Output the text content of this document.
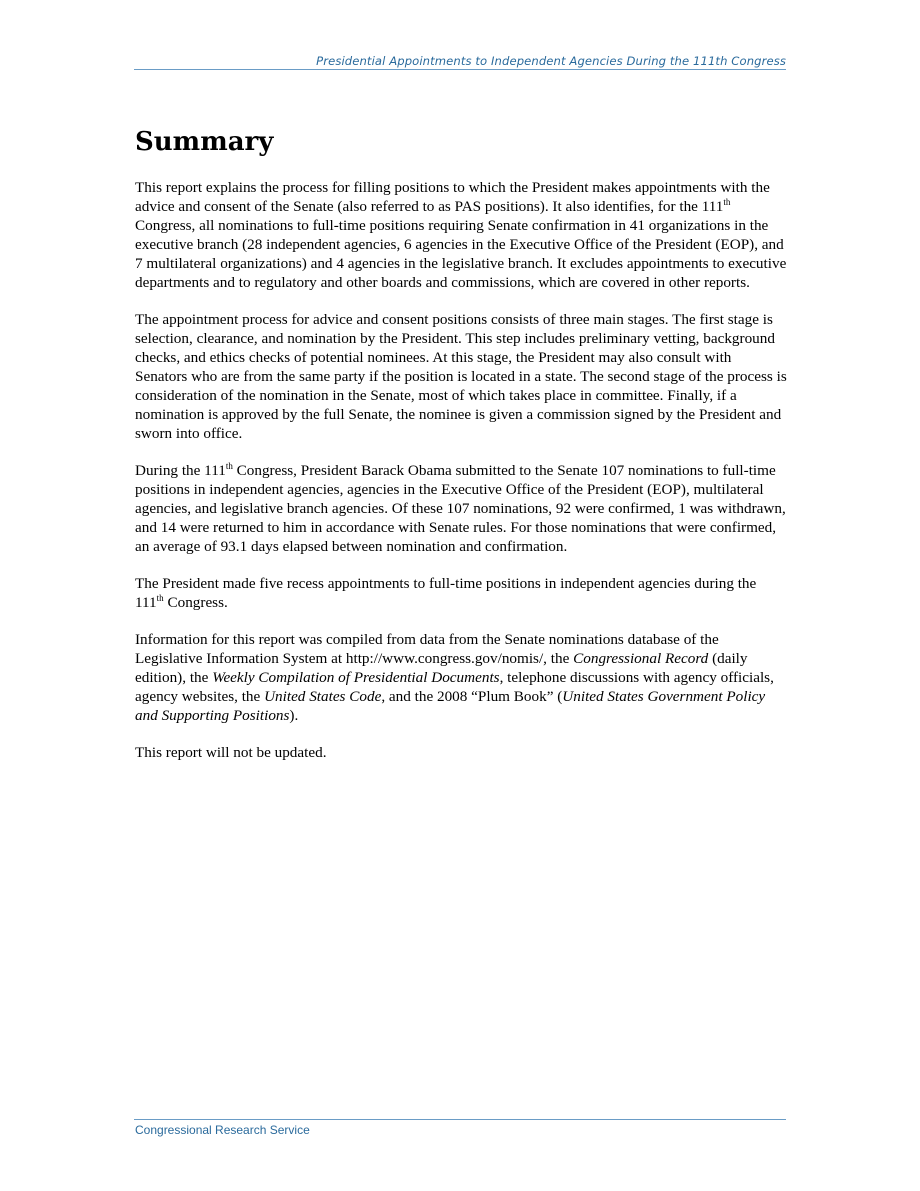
Presidential Appointments to Independent Agencies During the 111th Congress
Summary

This report explains the process for filling positions to which the President makes appointments with the advice and consent of the Senate (also referred to as PAS positions). It also identifies, for the 111th Congress, all nominations to full-time positions requiring Senate confirmation in 41 organizations in the executive branch (28 independent agencies, 6 agencies in the Executive Office of the President (EOP), and 7 multilateral organizations) and 4 agencies in the legislative branch. It excludes appointments to executive departments and to regulatory and other boards and commissions, which are covered in other reports.

The appointment process for advice and consent positions consists of three main stages. The first stage is selection, clearance, and nomination by the President. This step includes preliminary vetting, background checks, and ethics checks of potential nominees. At this stage, the President may also consult with Senators who are from the same party if the position is located in a state. The second stage of the process is consideration of the nomination in the Senate, most of which takes place in committee. Finally, if a nomination is approved by the full Senate, the nominee is given a commission signed by the President and sworn into office.

During the 111th Congress, President Barack Obama submitted to the Senate 107 nominations to full-time positions in independent agencies, agencies in the Executive Office of the President (EOP), multilateral agencies, and legislative branch agencies. Of these 107 nominations, 92 were confirmed, 1 was withdrawn, and 14 were returned to him in accordance with Senate rules. For those nominations that were confirmed, an average of 93.1 days elapsed between nomination and confirmation.

The President made five recess appointments to full-time positions in independent agencies during the 111th Congress.

Information for this report was compiled from data from the Senate nominations database of the Legislative Information System at http://www.congress.gov/nomis/, the Congressional Record (daily edition), the Weekly Compilation of Presidential Documents, telephone discussions with agency officials, agency websites, the United States Code, and the 2008 “Plum Book” (United States Government Policy and Supporting Positions).

This report will not be updated.

Congressional Research Service
